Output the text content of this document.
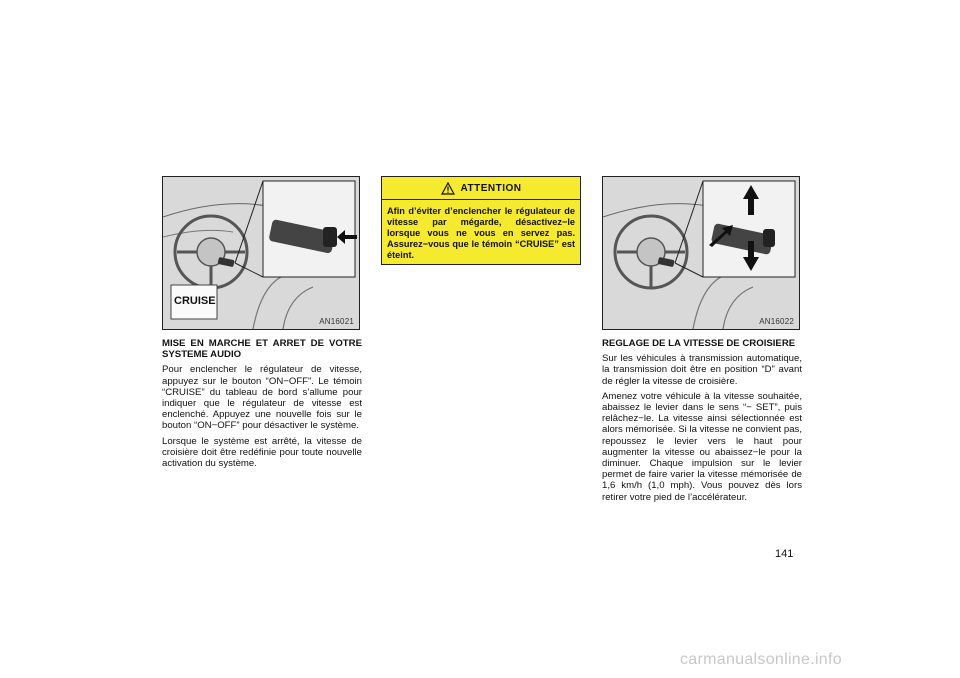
CRUISE
AN16021
ATTENTION
Afin d’éviter d’enclencher le régulateur de vitesse par mégarde, désactivez−le lorsque vous ne vous en servez pas. Assurez−vous que le témoin “CRUISE” est éteint.
AN16022
MISE EN MARCHE ET ARRET DE VOTRE SYSTEME AUDIO

Pour enclencher le régulateur de vitesse, appuyez sur le bouton “ON−OFF”. Le témoin “CRUISE” du tableau de bord s’allume pour indiquer que le régulateur de vitesse est enclenché. Appuyez une nouvelle fois sur le bouton “ON−OFF” pour désactiver le système.

Lorsque le système est arrêté, la vitesse de croisière doit être redéfinie pour toute nouvelle activation du système.

REGLAGE DE LA VITESSE DE CROISIERE

Sur les véhicules à transmission automatique, la transmission doit être en position “D” avant de régler la vitesse de croisière.

Amenez votre véhicule à la vitesse souhaitée, abaissez le levier dans le sens “− SET”, puis relâchez−le. La vitesse ainsi sélectionnée est alors mémorisée. Si la vitesse ne convient pas, repoussez le levier vers le haut pour augmenter la vitesse ou abaissez−le pour la diminuer. Chaque impulsion sur le levier permet de faire varier la vitesse mémorisée de 1,6 km/h (1,0 mph). Vous pouvez dès lors retirer votre pied de l’accélérateur.

141
carmanualsonline.info
